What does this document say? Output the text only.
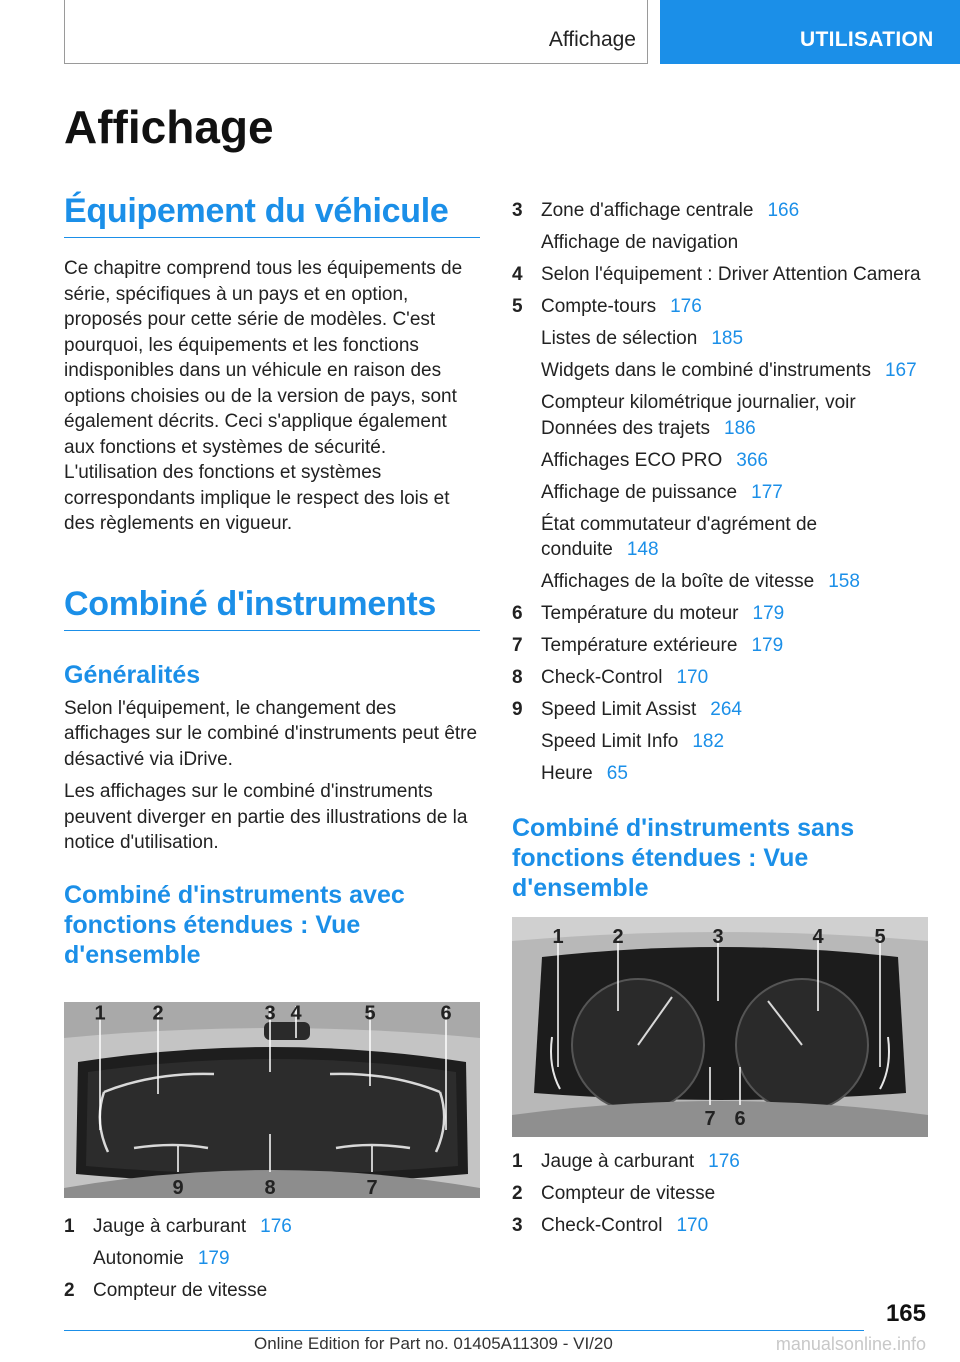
Affichage	UTILISATION
Affichage
Équipement du véhicule

Ce chapitre comprend tous les équipements de série, spécifiques à un pays et en option, proposés pour cette série de modèles. C'est pourquoi, les équipements et les fonctions indisponibles dans un véhicule en raison des options choisies ou de la version de pays, sont également décrits. Ceci s'applique également aux fonctions et systèmes de sécurité. L'utilisation des fonctions et systèmes correspondants implique le respect des lois et des règlements en vigueur.

Combiné d'instruments
Généralités

Selon l'équipement, le changement des affichages sur le combiné d'instruments peut être désactivé via iDrive.

Les affichages sur le combiné d'instruments peuvent diverger en partie des illustrations de la notice d'utilisation.

Combiné d'instruments avec fonctions étendues : Vue d'ensemble
1 2	3 4	5	6
9	8	7
1 Jauge à carburant 176
Autonomie 179
2 Compteur de vitesse
3 Zone d'affichage centrale 166
Affichage de navigation
4 Selon l'équipement : Driver Attention Camera
5 Compte-tours 176
Listes de sélection 185
Widgets dans le combiné d'instruments 167
Compteur kilométrique journalier, voir Données des trajets 186
Affichages ECO PRO 366
Affichage de puissance 177
État commutateur d'agrément de conduite 148
Affichages de la boîte de vitesse 158
6 Température du moteur 179
7 Température extérieure 179
8 Check-Control 170
9 Speed Limit Assist 264
Speed Limit Info 182
Heure 65
Combiné d'instruments sans fonctions étendues : Vue d'ensemble
1 2	3	4	5
7 6
1 Jauge à carburant 176
2 Compteur de vitesse
3 Check-Control 170
165
Online Edition for Part no. 01405A11309 - VI/20	manualsonline.info
